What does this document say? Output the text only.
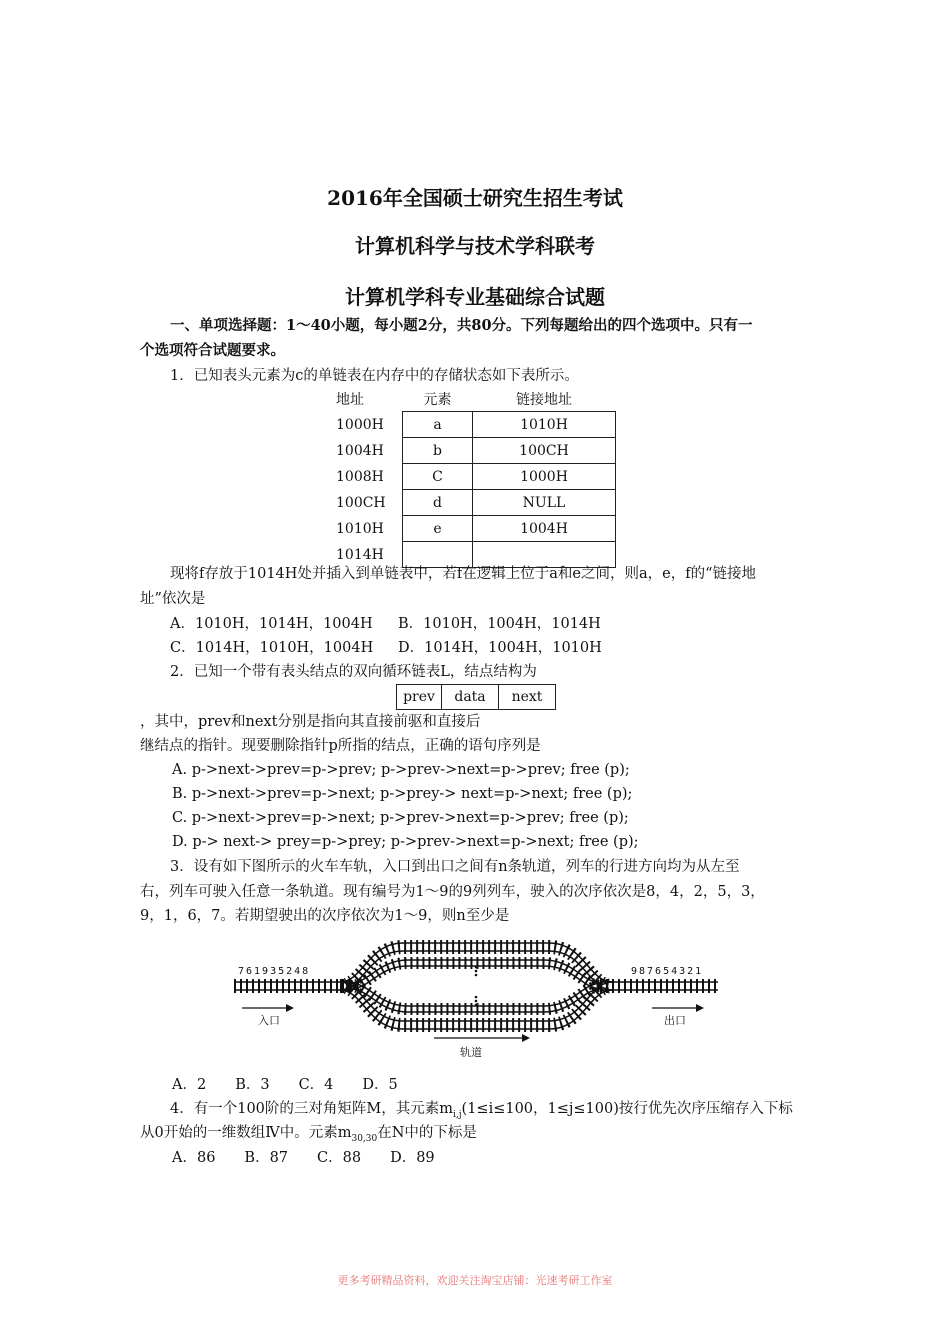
2016年全国硕士研究生招生考试
计算机科学与技术学科联考
计算机学科专业基础综合试题
一、单项选择题：1～40小题，每小题2分，共80分。下列每题给出的四个选项中。只有一
个选项符合试题要求。
1．已知表头元素为c的单链表在内存中的存储状态如下表所示。
地址	元素	链接地址
1000H	a	1010H
1004H	b	100CH
1008H	C	1000H
100CH	d	NULL
1010H	e	1004H
1014H		
现将f存放于1014H处并插入到单链表中，若f在逻辑上位于a和e之间，则a，e，f的“链接地
址”依次是
A．1010H，1014H，1004H B．1010H，1004H，1014H
C．1014H，1010H，1004H D．1014H，1004H，1010H
2．已知一个带有表头结点的双向循环链表L，结点结构为
prev	data	next
，其中，prev和next分别是指向其直接前驱和直接后
继结点的指针。现要删除指针p所指的结点，正确的语句序列是
A. p->next->prev=p->prev; p->prev->next=p->prev; free (p);
B. p->next->prev=p->next; p->prey-> next=p->next; free (p);
C. p->next->prev=p->next; p->prev->next=p->prev; free (p);
D. p-> next-> prey=p->prey; p->prev->next=p->next; free (p);
3．设有如下图所示的火车车轨，入口到出口之间有n条轨道，列车的行进方向均为从左至
右，列车可驶入任意一条轨道。现有编号为1～9的9列列车，驶入的次序依次是8，4，2，5，3，
9，1，6，7。若期望驶出的次序依次为1～9，则n至少是
761935248	987654321
入口	出口
轨道
A．2　　B．3　　C．4　　D．5
4．有一个100阶的三对角矩阵M，其元素$m_{i,j}(1\le i\le 100$，1≤j≤100)按行优先次序压缩存入下标
从0开始的一维数组Ⅳ中。元素$m_{30,30}$在N中的下标是
A．86　　B．87　　C．88　　D．89
更多考研精品资料，欢迎关注淘宝店铺：光速考研工作室
